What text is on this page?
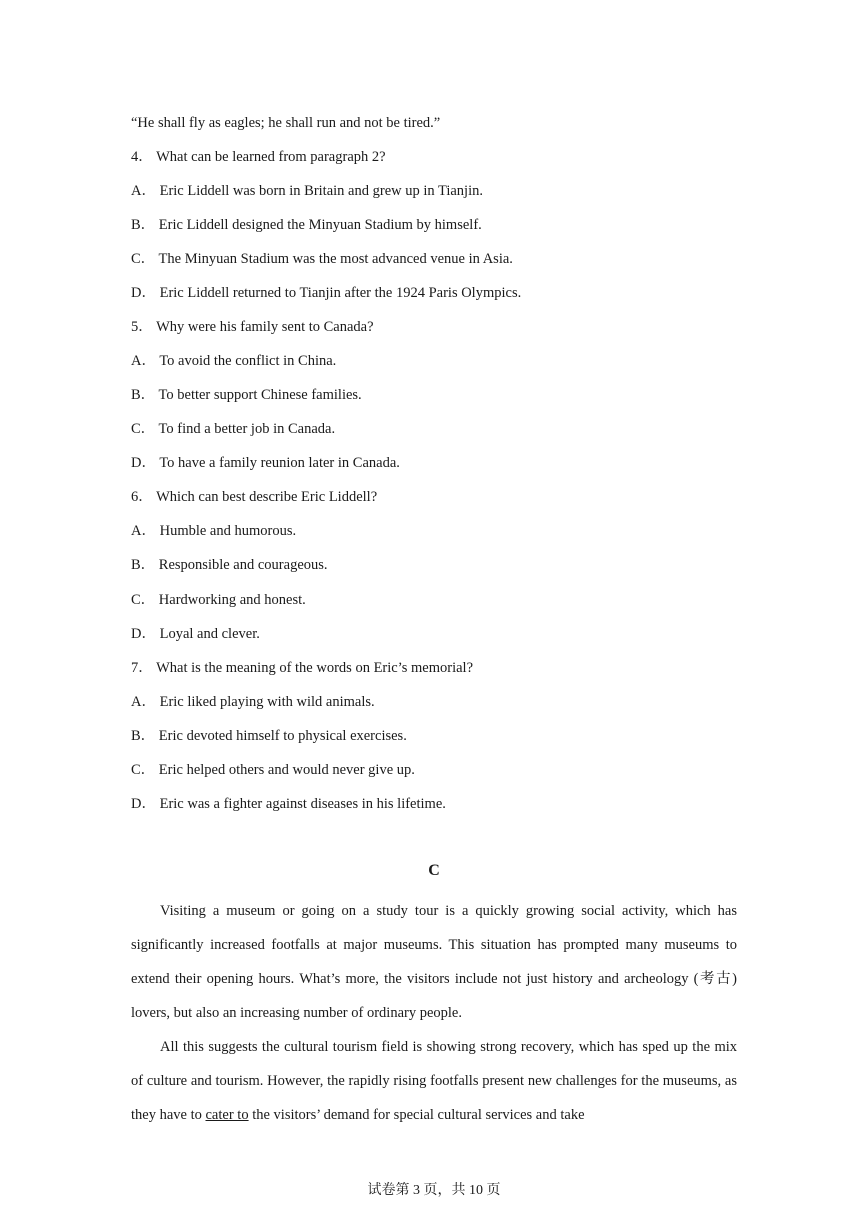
“He shall fly as eagles; he shall run and not be tired.”
4． What can be learned from paragraph 2?
A． Eric Liddell was born in Britain and grew up in Tianjin.
B． Eric Liddell designed the Minyuan Stadium by himself.
C． The Minyuan Stadium was the most advanced venue in Asia.
D． Eric Liddell returned to Tianjin after the 1924 Paris Olympics.
5． Why were his family sent to Canada?
A． To avoid the conflict in China.
B． To better support Chinese families.
C． To find a better job in Canada.
D． To have a family reunion later in Canada.
6． Which can best describe Eric Liddell?
A． Humble and humorous.
B． Responsible and courageous.
C． Hardworking and honest.
D． Loyal and clever.
7． What is the meaning of the words on Eric’s memorial?
A． Eric liked playing with wild animals.
B． Eric devoted himself to physical exercises.
C． Eric helped others and would never give up.
D． Eric was a fighter against diseases in his lifetime.
C
Visiting a museum or going on a study tour is a quickly growing social activity, which has significantly increased footfalls at major museums. This situation has prompted many museums to extend their opening hours. What’s more, the visitors include not just history and archeology (考古) lovers, but also an increasing number of ordinary people.
All this suggests the cultural tourism field is showing strong recovery, which has sped up the mix of culture and tourism. However, the rapidly rising footfalls present new challenges for the museums, as they have to cater to the visitors’ demand for special cultural services and take
试卷第 3 页，共 10 页
